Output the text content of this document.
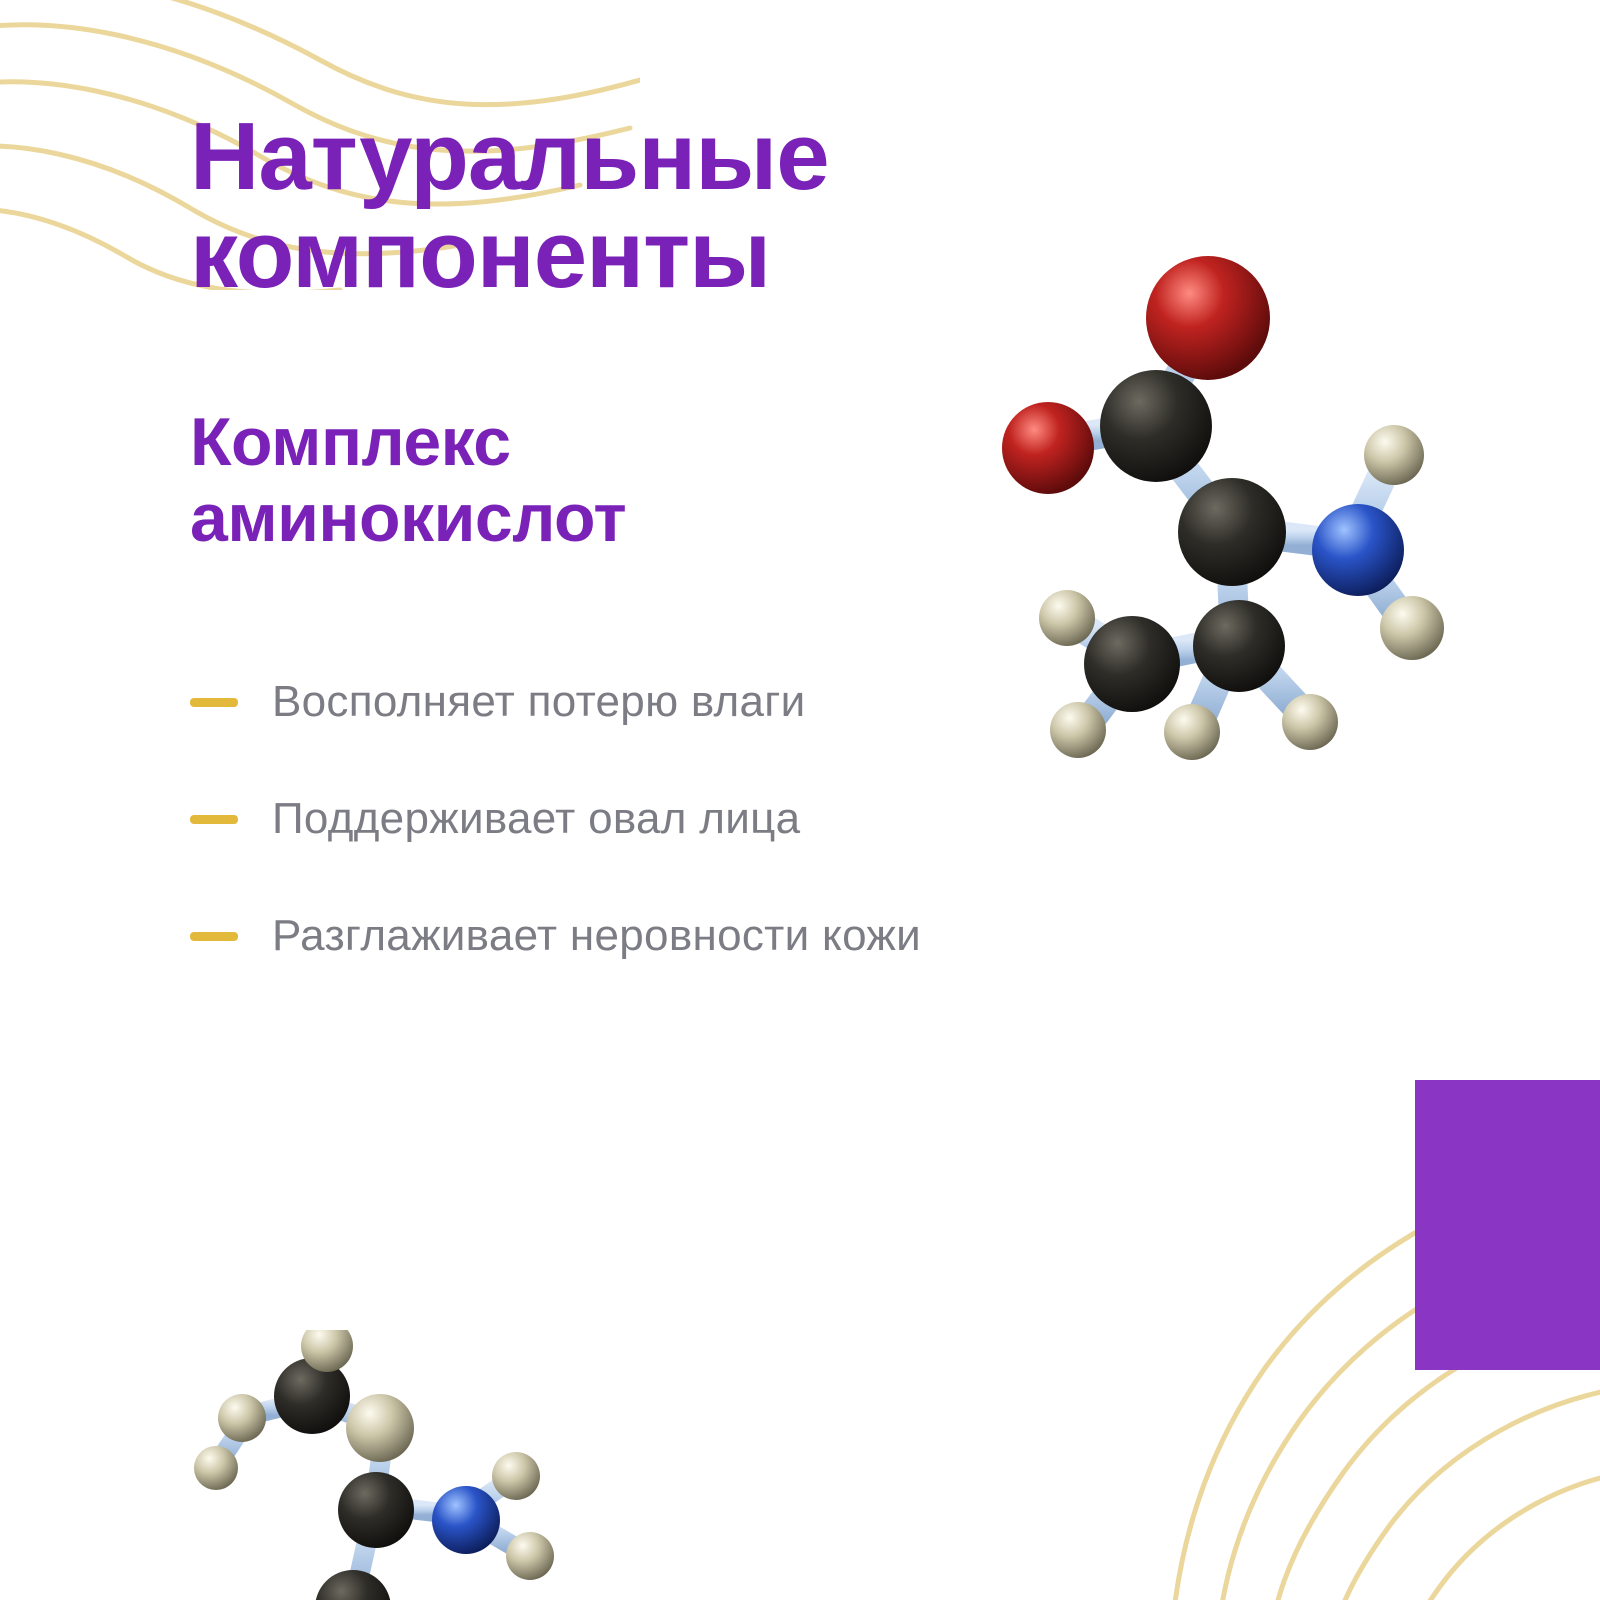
Натуральные компоненты
Комплекс аминокислот
Восполняет потерю влаги
Поддерживает овал лица
Разглаживает неровности кожи
